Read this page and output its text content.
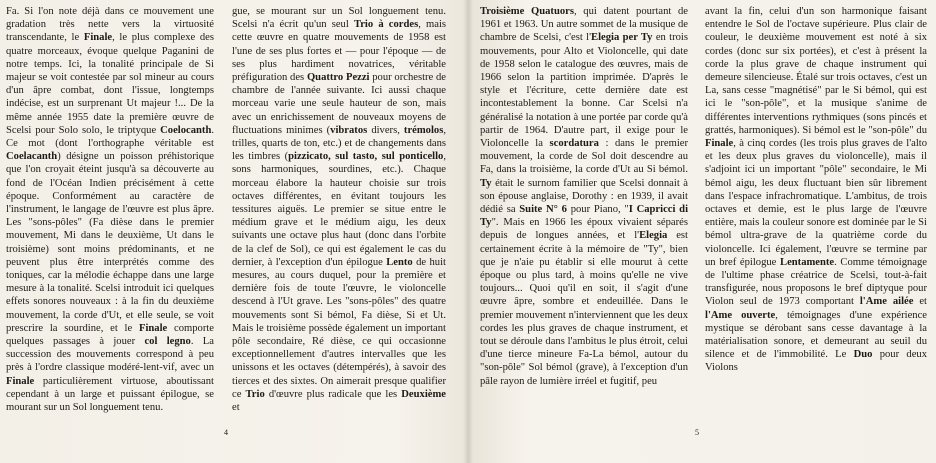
Fa. Si l'on note déjà dans ce mouvement une gradation très nette vers la virtuosité transcendante, le Finale, le plus complexe des quatre morceaux, évoque quelque Paganini de notre temps. Ici, la tonalité principale de Si majeur se voit contestée par sol mineur au cours d'un âpre combat, dont l'issue, longtemps indécise, est un surprenant Ut majeur !... De la même année 1955 date la première œuvre de Scelsi pour Solo solo, le triptyque Coelocanth. Ce mot (dont l'orthographe véritable est Coelacanth) désigne un poisson préhistorique que l'on croyait éteint jusqu'à sa découverte au fond de l'Océan Indien précisément à cette époque. Conformément au caractère de l'instrument, le langage de l'œuvre est plus âpre. Les "sons-pôles" (Fa dièse dans le premier mouvement, Mi dans le deuxième, Ut dans le troisième) sont moins prédominants, et ne peuvent plus être interprétés comme des toniques, car la mélodie échappe dans une large mesure à la tonalité. Scelsi introduit ici quelques effets sonores nouveaux : à la fin du deuxième mouvement, la corde d'Ut, et elle seule, se voit prescrire la sourdine, et le Finale comporte quelques passages à jouer col legno. La succession des mouvements correspond à peu près à l'ordre classique modéré-lent-vif, avec un Finale particulièrement virtuose, aboutissant cependant à un large et puissant épilogue, se mourant sur un Sol longuement tenu.

gue, se mourant sur un Sol longuement tenu. Scelsi n'a écrit qu'un seul Trio à cordes, mais cette œuvre en quatre mouvements de 1958 est l'une de ses plus fortes et — pour l'époque — de ses plus hardiment novatrices, véritable préfiguration des Quattro Pezzi pour orchestre de chambre de l'année suivante. Ici aussi chaque morceau varie une seule hauteur de son, mais avec un enrichissement de nouveaux moyens de fluctuations minimes (vibratos divers, trémolos, trilles, quarts de ton, etc.) et de changements dans les timbres (pizzicato, sul tasto, sul ponticello, sons harmoniques, sourdines, etc.). Chaque morceau élabore la hauteur choisie sur trois octaves différentes, en évitant toujours les tessitures aiguës. Le premier se situe entre le médium grave et le médium aigu, les deux suivants une octave plus haut (donc dans l'orbite de la clef de Sol), ce qui est également le cas du dernier, à l'exception d'un épilogue Lento de huit mesures, au cours duquel, pour la première et dernière fois de toute l'œuvre, le violoncelle descend à l'Ut grave. Les "sons-pôles" des quatre mouvements sont Si bémol, Fa dièse, Si et Ut. Mais le troisième possède également un important pôle secondaire, Ré dièse, ce qui occasionne exceptionnellement d'autres intervalles que les unissons et les octaves (détempérés), à savoir des tierces et des sixtes. On aimerait presque qualifier ce Trio d'œuvre plus radicale que les Deuxième et

4

Troisième Quatuors, qui datent pourtant de 1961 et 1963. Un autre sommet de la musique de chambre de Scelsi, c'est l'Elegia per Ty en trois mouvements, pour Alto et Violoncelle, qui date de 1958 selon le catalogue des œuvres, mais de 1966 selon la partition imprimée. D'après le style et l'écriture, cette dernière date est incontestablement la bonne. Car Scelsi n'a généralisé la notation à une portée par corde qu'à partir de 1964. D'autre part, il exige pour le Violoncelle la scordatura : dans le premier mouvement, la corde de Sol doit descendre au Fa, dans la troisième, la corde d'Ut au Si bémol. Ty était le surnom familier que Scelsi donnait à son épouse anglaise, Dorothy : en 1939, il avait dédié sa Suite N° 6 pour Piano, "I Capricci di Ty". Mais en 1966 les époux vivaient séparés depuis de longues années, et l'Elegia est certainement écrite à la mémoire de "Ty", bien que je n'aie pu établir si elle mourut à cette époque ou plus tard, à moins qu'elle ne vive toujours... Quoi qu'il en soit, il s'agit d'une œuvre âpre, sombre et endeuillée. Dans le premier mouvement n'interviennent que les deux cordes les plus graves de chaque instrument, et tout se déroule dans l'ambitus le plus étroit, celui d'une tierce mineure Fa-La bémol, autour du "son-pôle" Sol bémol (grave), à l'exception d'un pâle rayon de lumière irréel et fugitif, peu

avant la fin, celui d'un son harmonique faisant entendre le Sol de l'octave supérieure. Plus clair de couleur, le deuxième mouvement est noté à six cordes (donc sur six portées), et c'est à présent la corde la plus grave de chaque instrument qui demeure silencieuse. Étalé sur trois octaves, c'est un La, sans cesse "magnétisé" par le Si bémol, qui est ici le "son-pôle", et la musique s'anime de différentes interventions rythmiques (sons pincés et grattés, harmoniques). Si bémol est le "son-pôle" du Finale, à cinq cordes (les trois plus graves de l'alto et les deux plus graves du violoncelle), mais il s'adjoint ici un important "pôle" secondaire, le Mi bémol aigu, les deux fluctuant bien sûr librement dans l'espace infrachromatique. L'ambitus, de trois octaves et demie, est le plus large de l'œuvre entière, mais la couleur sonore est dominée par le Si bémol ultra-grave de la quatrième corde du violoncelle. Ici également, l'œuvre se termine par un bref épilogue Lentamente. Comme témoignage de l'ultime phase créatrice de Scelsi, tout-à-fait transfigurée, nous proposons le bref diptyque pour Violon seul de 1973 comportant l'Ame ailée et l'Ame ouverte, témoignages d'une expérience mystique se dérobant sans cesse davantage à la matérialisation sonore, et demeurant au seuil du silence et de l'immobilité. Le Duo pour deux Violons

5
